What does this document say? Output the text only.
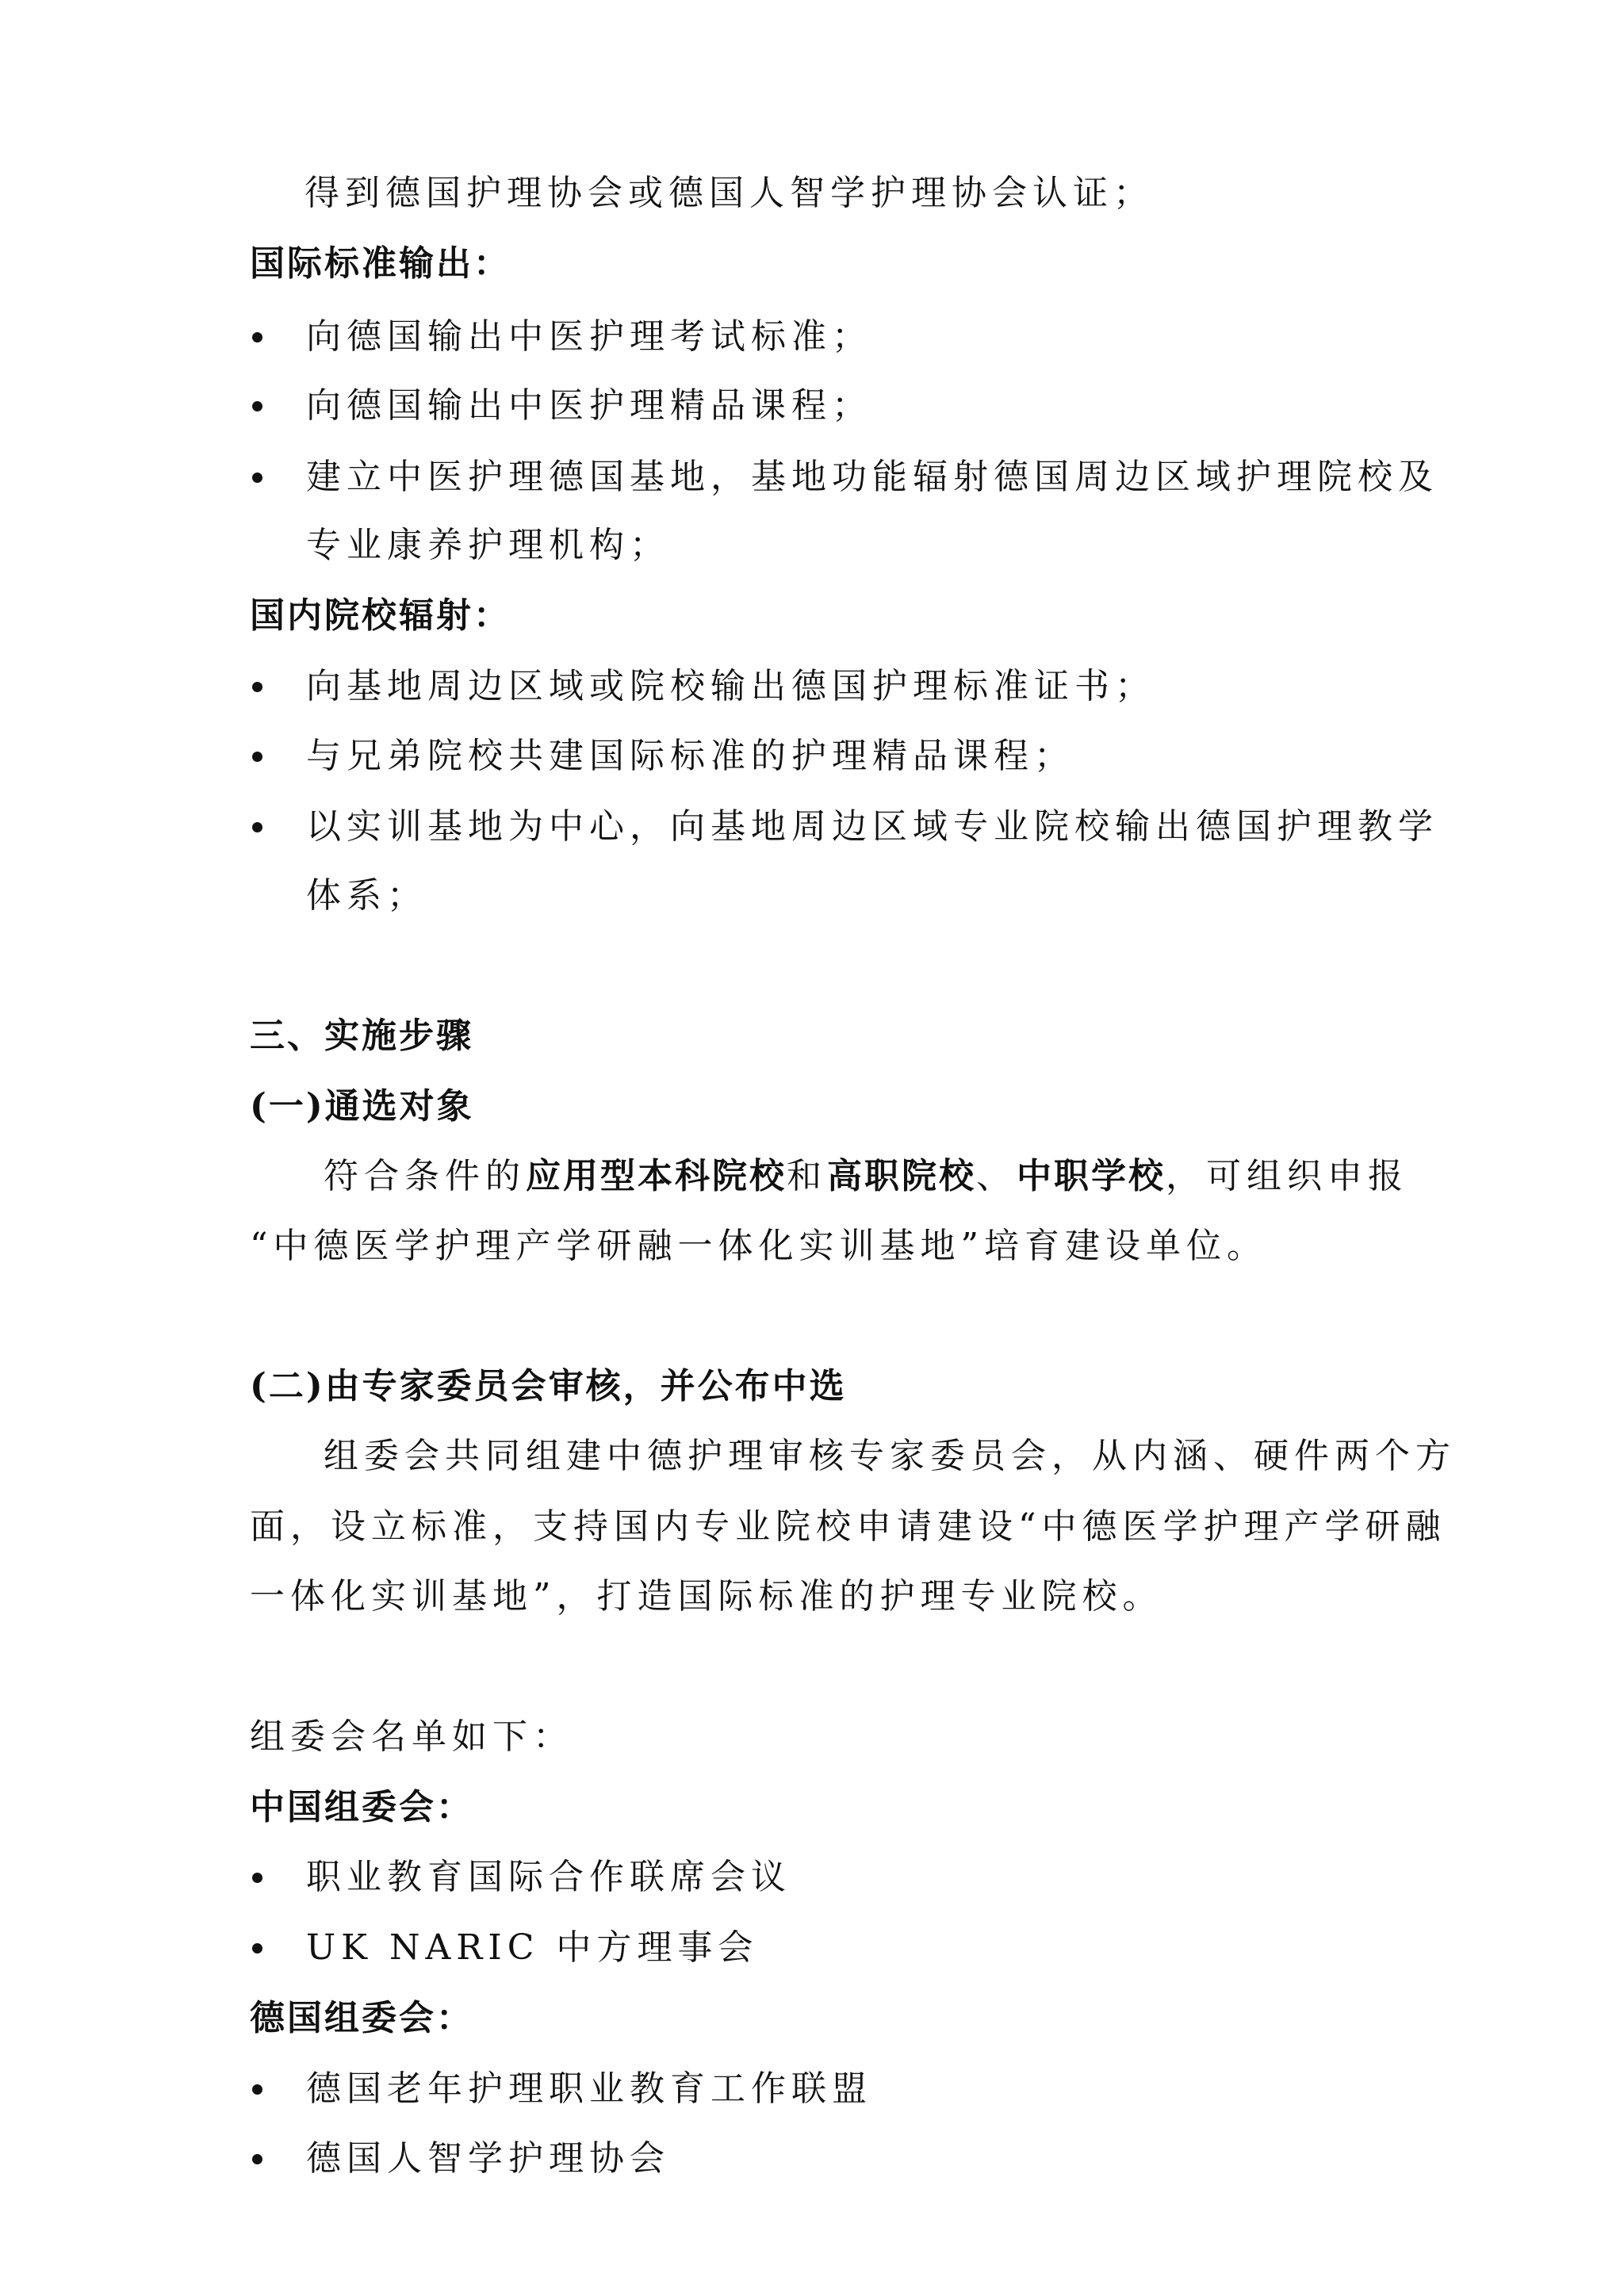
得到德国护理协会或德国人智学护理协会认证；
国际标准输出：
向德国输出中医护理考试标准；
向德国输出中医护理精品课程；
建立中医护理德国基地，基地功能辐射德国周边区域护理院校及
专业康养护理机构；
国内院校辐射：
向基地周边区域或院校输出德国护理标准证书；
与兄弟院校共建国际标准的护理精品课程；
以实训基地为中心，向基地周边区域专业院校输出德国护理教学
体系；
三、实施步骤
(一)通选对象
符合条件的应用型本科院校和高职院校、中职学校，可组织申报
“中德医学护理产学研融一体化实训基地”培育建设单位。
(二)由专家委员会审核，并公布中选
组委会共同组建中德护理审核专家委员会，从内涵、硬件两个方
面，设立标准，支持国内专业院校申请建设“中德医学护理产学研融
一体化实训基地”，打造国际标准的护理专业院校。
组委会名单如下：
中国组委会：
职业教育国际合作联席会议
UK NARIC 中方理事会
德国组委会：
德国老年护理职业教育工作联盟
德国人智学护理协会
